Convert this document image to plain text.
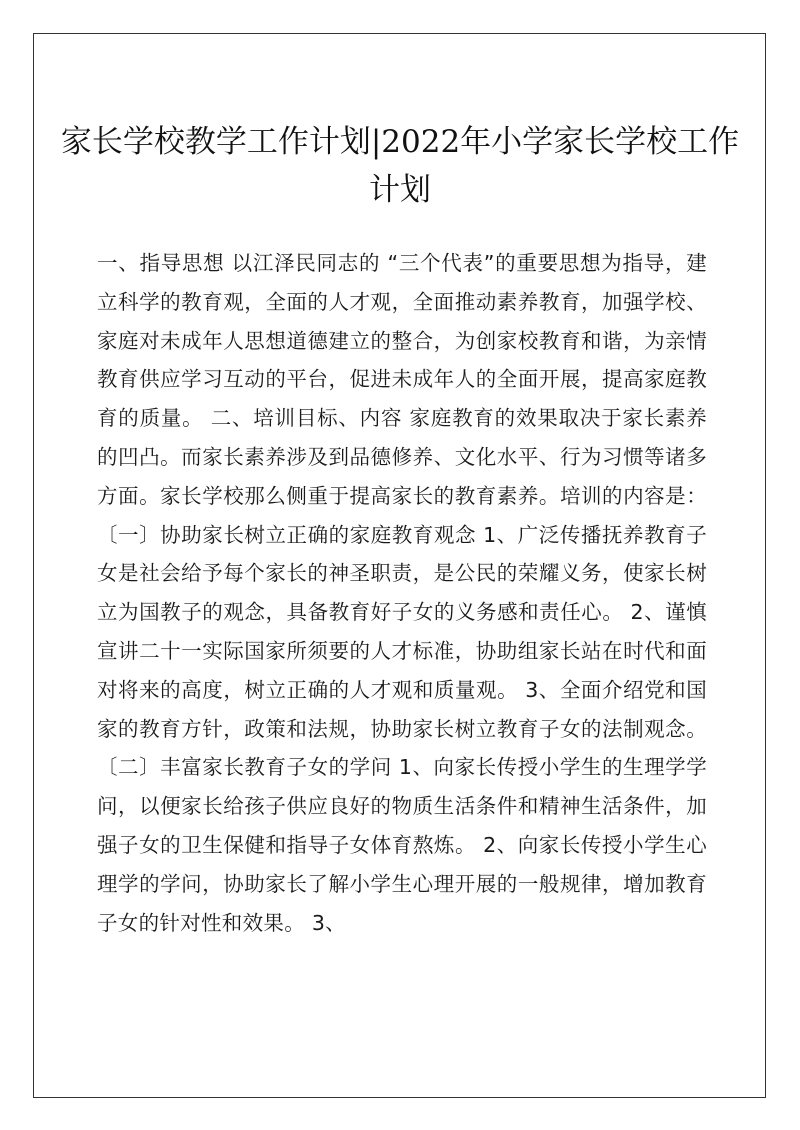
家长学校教学工作计划|2022年小学家长学校工作计划

一、指导思想 以江泽民同志的 “三个代表”的重要思想为指导，建立科学的教育观，全面的人才观，全面推动素养教育，加强学校、家庭对未成年人思想道德建立的整合，为创家校教育和谐，为亲情教育供应学习互动的平台，促进未成年人的全面开展，提高家庭教育的质量。 二、培训目标、内容 家庭教育的效果取决于家长素养的凹凸。而家长素养涉及到品德修养、文化水平、行为习惯等诸多方面。家长学校那么侧重于提高家长的教育素养。培训的内容是：〔一〕协助家长树立正确的家庭教育观念 1、广泛传播抚养教育子女是社会给予每个家长的神圣职责，是公民的荣耀义务，使家长树立为国教子的观念，具备教育好子女的义务感和责任心。 2、谨慎宣讲二十一实际国家所须要的人才标准，协助组家长站在时代和面对将来的高度，树立正确的人才观和质量观。 3、全面介绍党和国家的教育方针，政策和法规，协助家长树立教育子女的法制观念。〔二〕丰富家长教育子女的学问 1、向家长传授小学生的生理学学问，以便家长给孩子供应良好的物质生活条件和精神生活条件，加强子女的卫生保健和指导子女体育熬炼。 2、向家长传授小学生心理学的学问，协助家长了解小学生心理开展的一般规律，增加教育子女的针对性和效果。 3、
